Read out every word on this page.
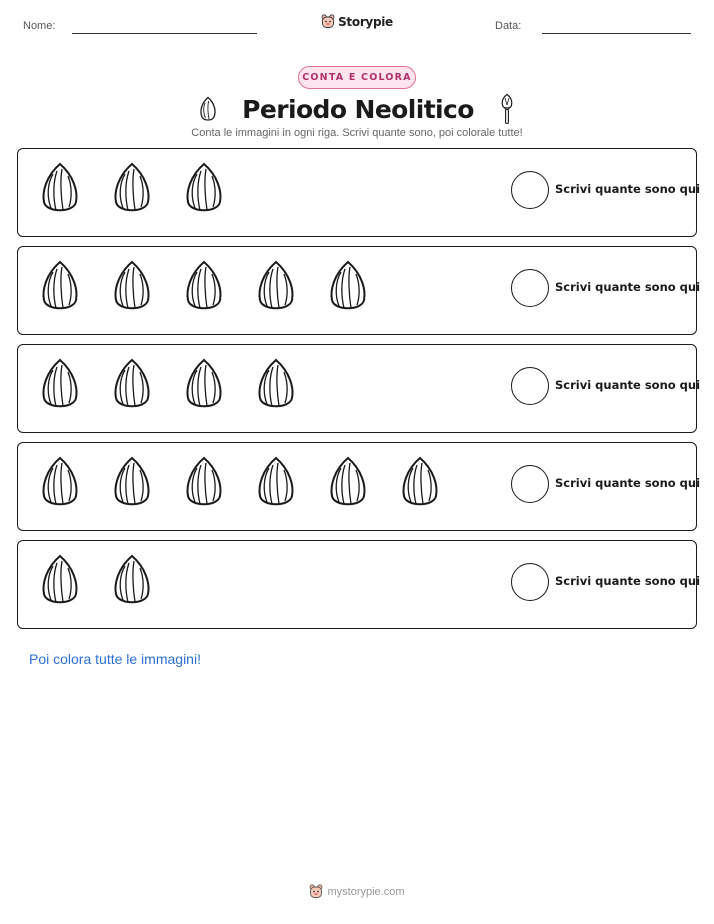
Nome:	Storypie	Data:
CONTA E COLORA
Periodo Neolitico
Conta le immagini in ogni riga. Scrivi quante sono, poi colorale tutte!
Scrivi quante sono qui
Scrivi quante sono qui
Scrivi quante sono qui
Scrivi quante sono qui
Scrivi quante sono qui
Poi colora tutte le immagini!
mystorypie.com
